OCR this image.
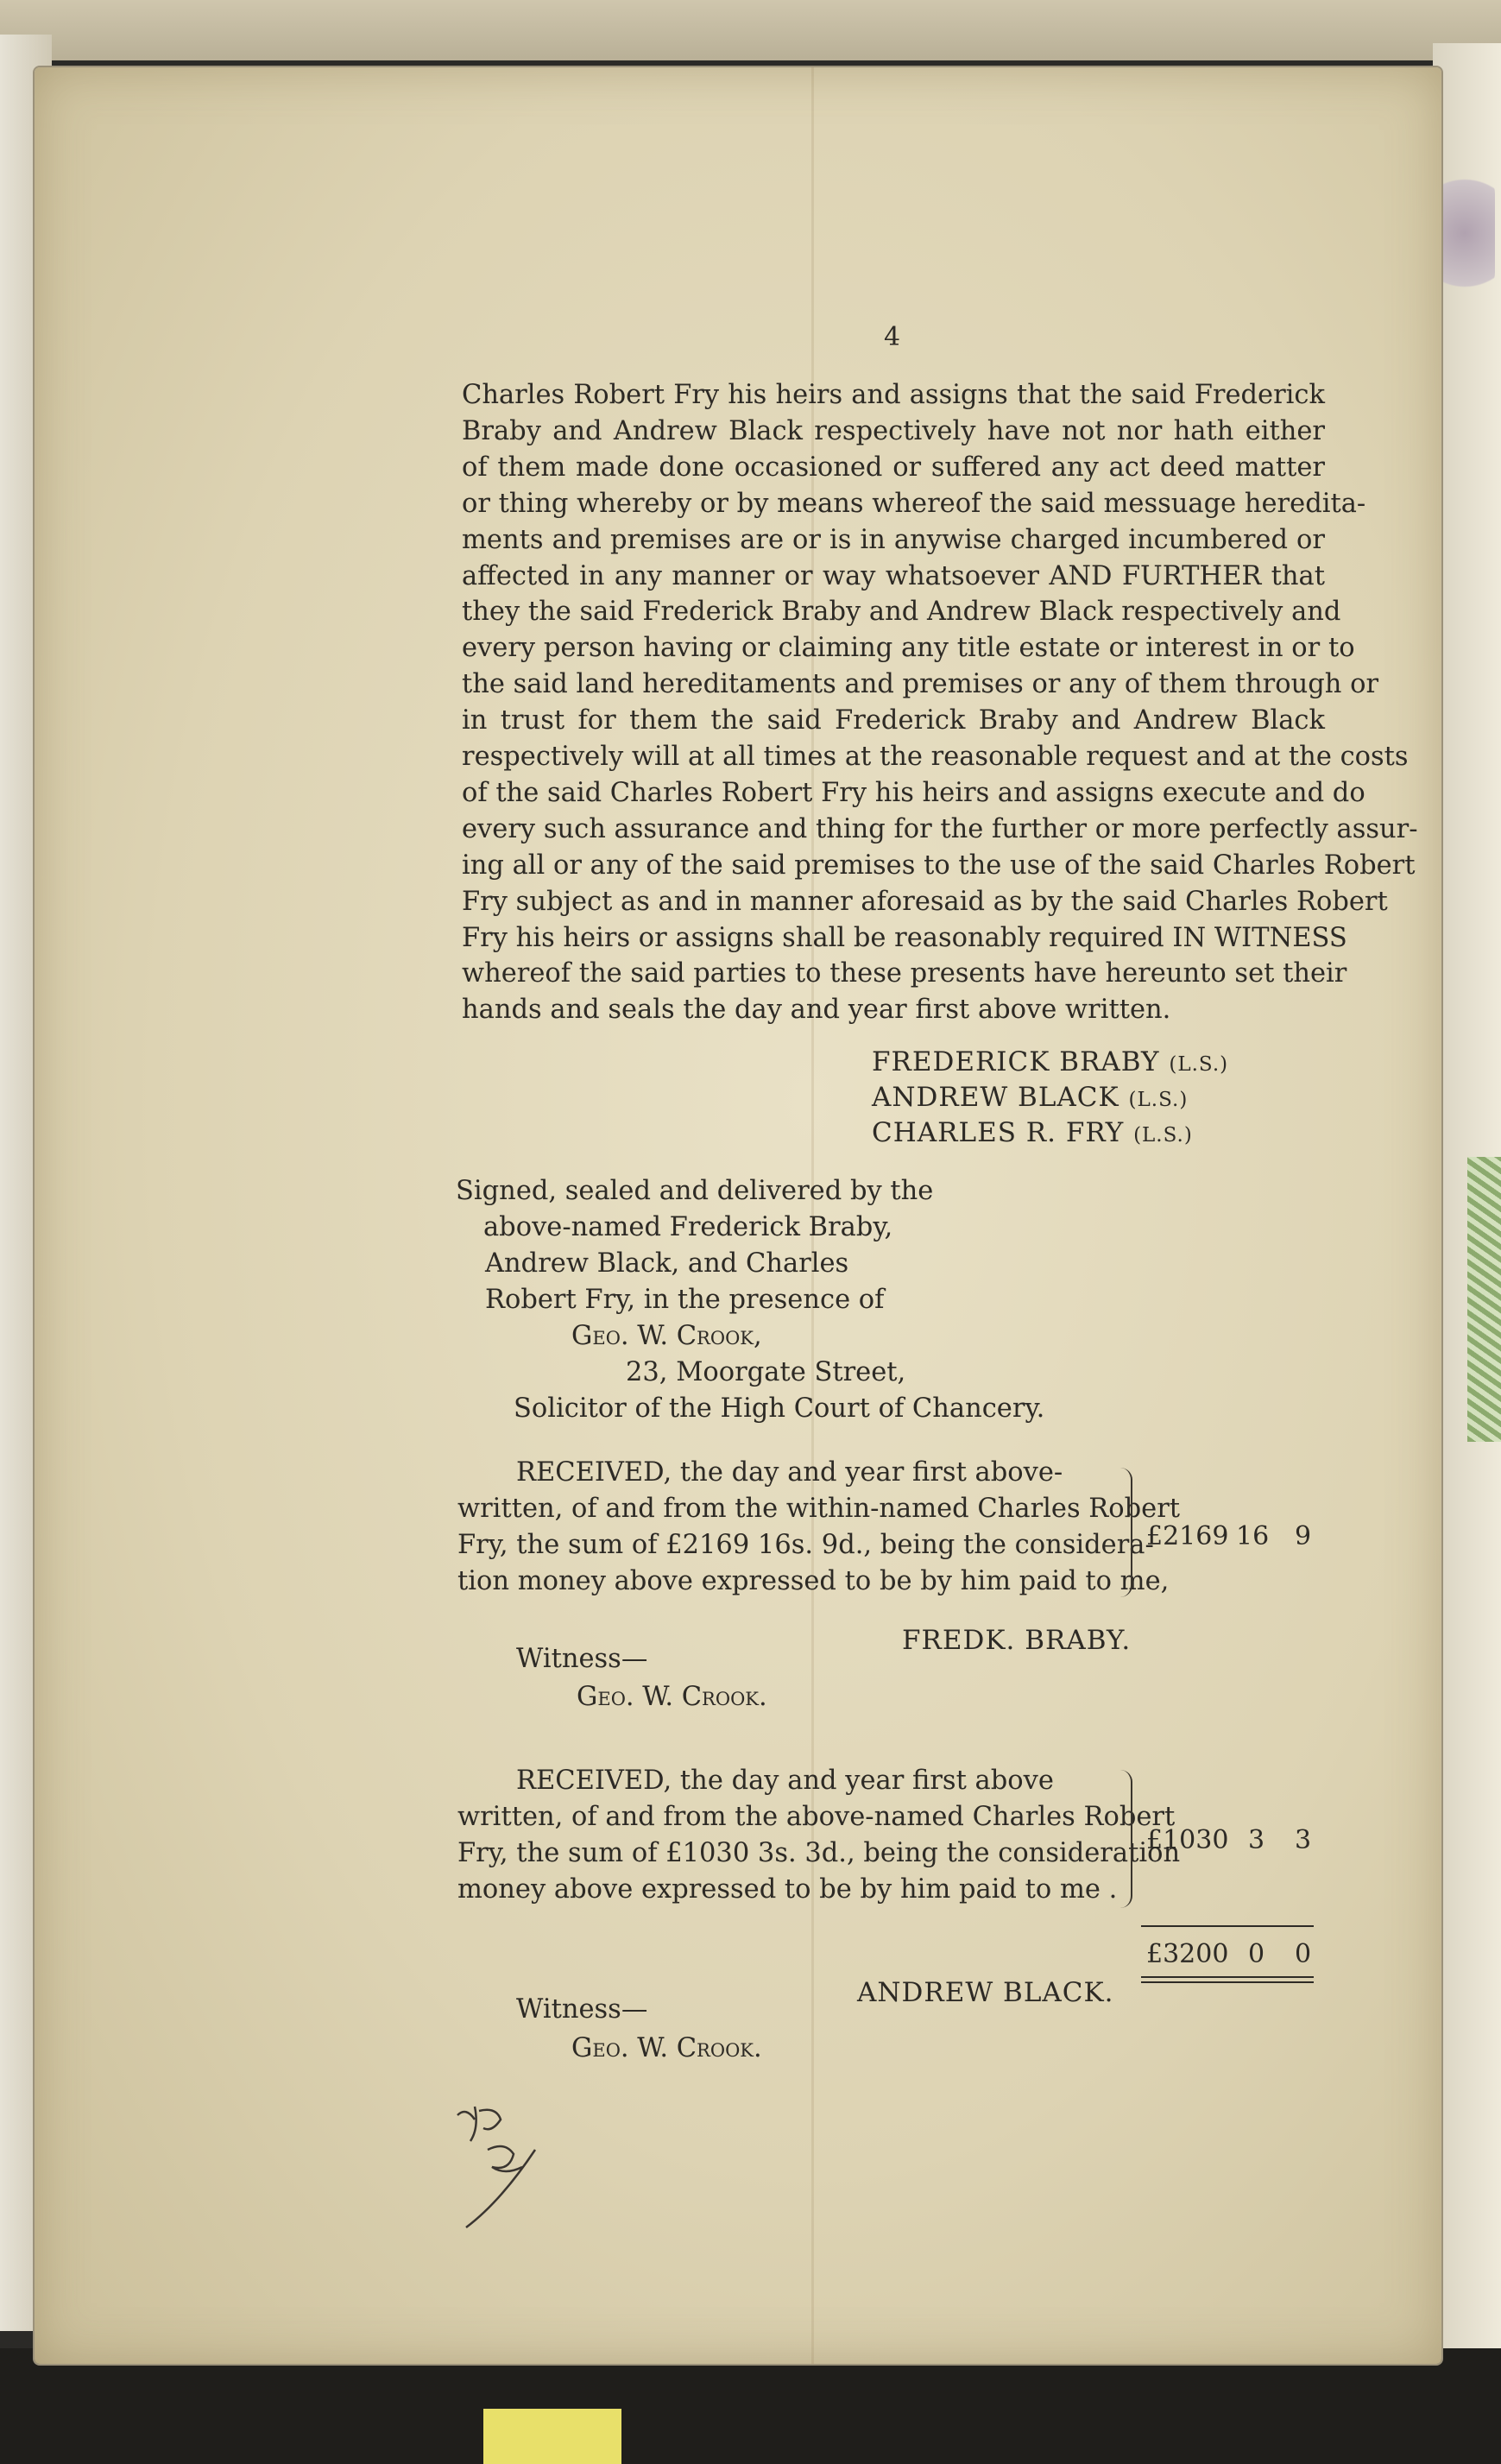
4
Charles Robert Fry his heirs and assigns that the said Frederick
Braby and Andrew Black respectively have not nor hath either
of them made done occasioned or suffered any act deed matter
or thing whereby or by means whereof the said messuage heredita-
ments and premises are or is in anywise charged incumbered or
affected in any manner or way whatsoever AND FURTHER that
they the said Frederick Braby and Andrew Black respectively and
every person having or claiming any title estate or interest in or to
the said land hereditaments and premises or any of them through or
in trust for them the said Frederick Braby and Andrew Black
respectively will at all times at the reasonable request and at the costs
of the said Charles Robert Fry his heirs and assigns execute and do
every such assurance and thing for the further or more perfectly assur-
ing all or any of the said premises to the use of the said Charles Robert
Fry subject as and in manner aforesaid as by the said Charles Robert
Fry his heirs or assigns shall be reasonably required IN WITNESS
whereof the said parties to these presents have hereunto set their
hands and seals the day and year first above written.
FREDERICK BRABY (L.S.)
ANDREW BLACK (L.S.)
CHARLES R. FRY (L.S.)
Signed, sealed and delivered by the
above-named Frederick Braby,
Andrew Black, and Charles
Robert Fry, in the presence of
Geo. W. Crook,
23, Moorgate Street,
Solicitor of the High Court of Chancery.
RECEIVED, the day and year first above-
written, of and from the within-named Charles Robert
Fry, the sum of £2169 16s. 9d., being the considera-
tion money above expressed to be by him paid to me,
£2169 16 9
FREDK. BRABY.
Witness—
Geo. W. Crook.
RECEIVED, the day and year first above
written, of and from the above-named Charles Robert
Fry, the sum of £1030 3s. 3d., being the consideration
money above expressed to be by him paid to me .
£1030 3 3
£3200 0 0
ANDREW BLACK.
Witness—
Geo. W. Crook.
